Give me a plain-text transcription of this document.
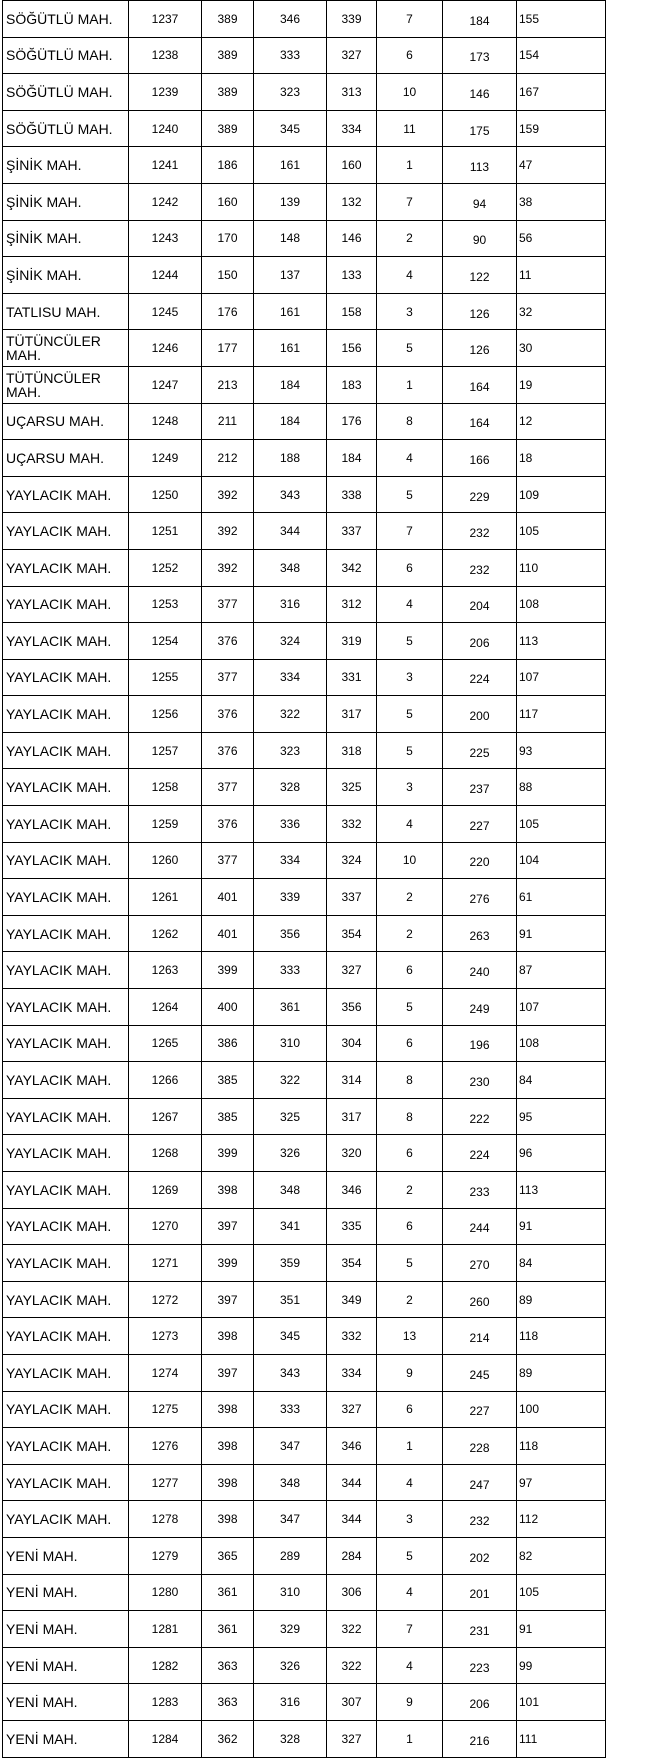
SÖĞÜTLÜ MAH.	1237	389	346	339	7	184	155
SÖĞÜTLÜ MAH.	1238	389	333	327	6	173	154
SÖĞÜTLÜ MAH.	1239	389	323	313	10	146	167
SÖĞÜTLÜ MAH.	1240	389	345	334	11	175	159
ŞİNİK MAH.	1241	186	161	160	1	113	47
ŞİNİK MAH.	1242	160	139	132	7	94	38
ŞİNİK MAH.	1243	170	148	146	2	90	56
ŞİNİK MAH.	1244	150	137	133	4	122	11
TATLISU MAH.	1245	176	161	158	3	126	32
TÜTÜNCÜLER MAH.	1246	177	161	156	5	126	30
TÜTÜNCÜLER MAH.	1247	213	184	183	1	164	19
UÇARSU MAH.	1248	211	184	176	8	164	12
UÇARSU MAH.	1249	212	188	184	4	166	18
YAYLACIK MAH.	1250	392	343	338	5	229	109
YAYLACIK MAH.	1251	392	344	337	7	232	105
YAYLACIK MAH.	1252	392	348	342	6	232	110
YAYLACIK MAH.	1253	377	316	312	4	204	108
YAYLACIK MAH.	1254	376	324	319	5	206	113
YAYLACIK MAH.	1255	377	334	331	3	224	107
YAYLACIK MAH.	1256	376	322	317	5	200	117
YAYLACIK MAH.	1257	376	323	318	5	225	93
YAYLACIK MAH.	1258	377	328	325	3	237	88
YAYLACIK MAH.	1259	376	336	332	4	227	105
YAYLACIK MAH.	1260	377	334	324	10	220	104
YAYLACIK MAH.	1261	401	339	337	2	276	61
YAYLACIK MAH.	1262	401	356	354	2	263	91
YAYLACIK MAH.	1263	399	333	327	6	240	87
YAYLACIK MAH.	1264	400	361	356	5	249	107
YAYLACIK MAH.	1265	386	310	304	6	196	108
YAYLACIK MAH.	1266	385	322	314	8	230	84
YAYLACIK MAH.	1267	385	325	317	8	222	95
YAYLACIK MAH.	1268	399	326	320	6	224	96
YAYLACIK MAH.	1269	398	348	346	2	233	113
YAYLACIK MAH.	1270	397	341	335	6	244	91
YAYLACIK MAH.	1271	399	359	354	5	270	84
YAYLACIK MAH.	1272	397	351	349	2	260	89
YAYLACIK MAH.	1273	398	345	332	13	214	118
YAYLACIK MAH.	1274	397	343	334	9	245	89
YAYLACIK MAH.	1275	398	333	327	6	227	100
YAYLACIK MAH.	1276	398	347	346	1	228	118
YAYLACIK MAH.	1277	398	348	344	4	247	97
YAYLACIK MAH.	1278	398	347	344	3	232	112
YENİ MAH.	1279	365	289	284	5	202	82
YENİ MAH.	1280	361	310	306	4	201	105
YENİ MAH.	1281	361	329	322	7	231	91
YENİ MAH.	1282	363	326	322	4	223	99
YENİ MAH.	1283	363	316	307	9	206	101
YENİ MAH.	1284	362	328	327	1	216	111
